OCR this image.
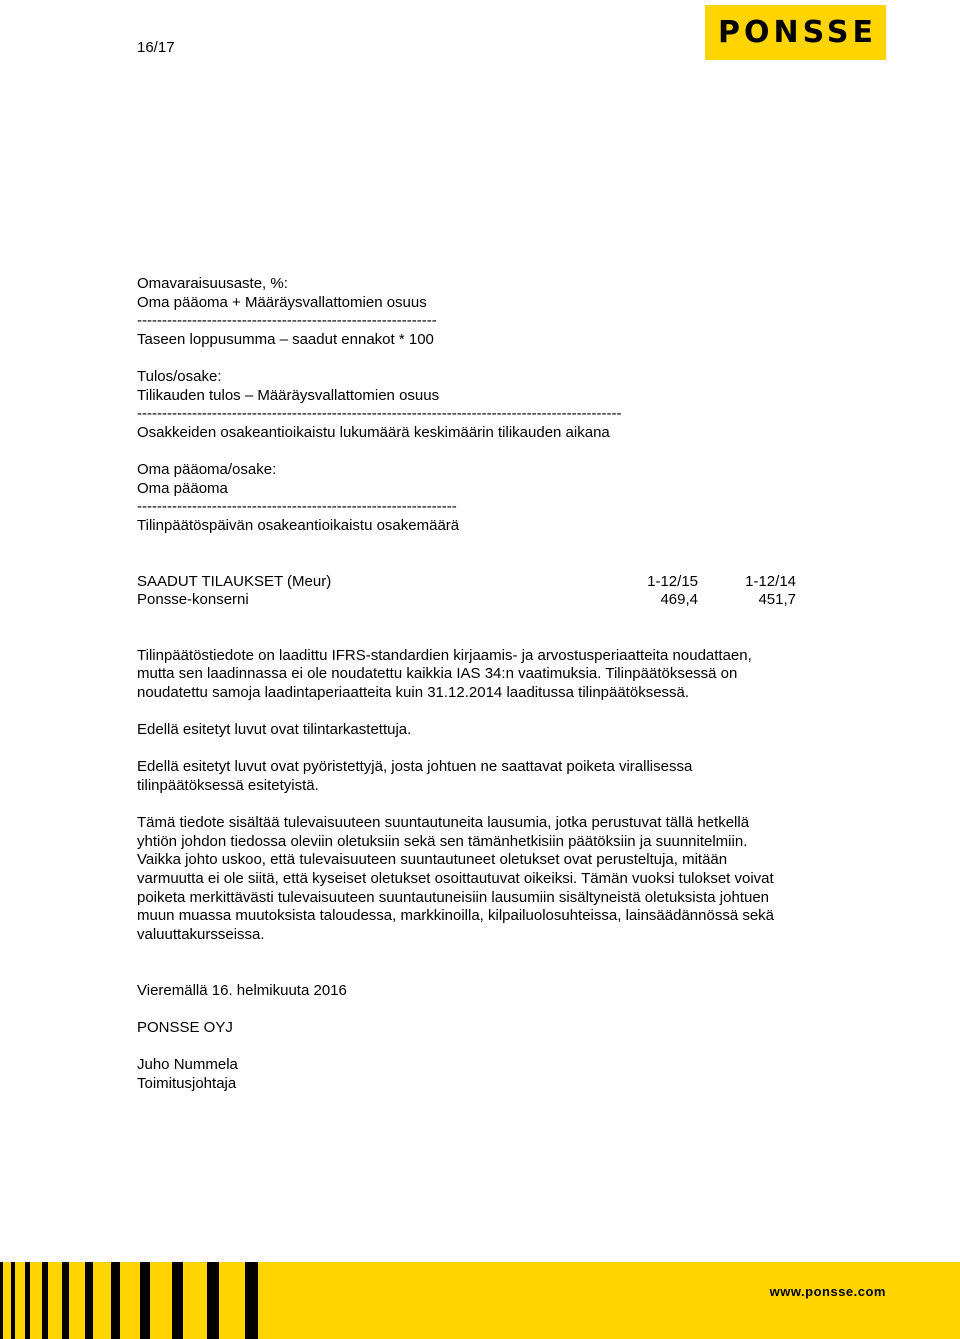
16/17	PONSSE
Omavaraisuusaste, %:
Oma pääoma + Määräysvallattomien osuus
------------------------------------------------------------
Taseen loppusumma – saadut ennakot * 100
Tulos/osake:
Tilikauden tulos – Määräysvallattomien osuus
-------------------------------------------------------------------------------------------------
Osakkeiden osakeantioikaistu lukumäärä keskimäärin tilikauden aikana
Oma pääoma/osake:
Oma pääoma
----------------------------------------------------------------
Tilinpäätöspäivän osakeantioikaistu osakemäärä
SAADUT TILAUKSET (Meur)	1-12/15	1-12/14
Ponsse-konserni	469,4	451,7
Tilinpäätöstiedote on laadittu IFRS-standardien kirjaamis- ja arvostusperiaatteita noudattaen,
mutta sen laadinnassa ei ole noudatettu kaikkia IAS 34:n vaatimuksia. Tilinpäätöksessä on
noudatettu samoja laadintaperiaatteita kuin 31.12.2014 laaditussa tilinpäätöksessä.
Edellä esitetyt luvut ovat tilintarkastettuja.
Edellä esitetyt luvut ovat pyöristettyjä, josta johtuen ne saattavat poiketa virallisessa
tilinpäätöksessä esitetyistä.
Tämä tiedote sisältää tulevaisuuteen suuntautuneita lausumia, jotka perustuvat tällä hetkellä
yhtiön johdon tiedossa oleviin oletuksiin sekä sen tämänhetkisiin päätöksiin ja suunnitelmiin.
Vaikka johto uskoo, että tulevaisuuteen suuntautuneet oletukset ovat perusteltuja, mitään
varmuutta ei ole siitä, että kyseiset oletukset osoittautuvat oikeiksi. Tämän vuoksi tulokset voivat
poiketa merkittävästi tulevaisuuteen suuntautuneisiin lausumiin sisältyneistä oletuksista johtuen
muun muassa muutoksista taloudessa, markkinoilla, kilpailuolosuhteissa, lainsäädännössä sekä
valuuttakursseissa.
Vieremällä 16. helmikuuta 2016
PONSSE OYJ
Juho Nummela
Toimitusjohtaja
www.ponsse.com
